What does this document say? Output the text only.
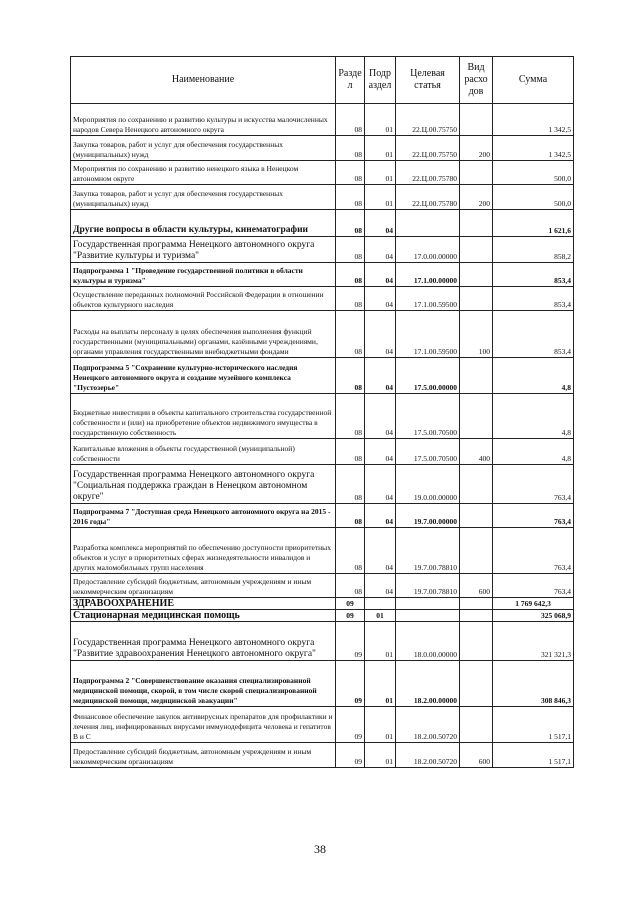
Наименование	Разде л	Подр аздел	Целевая статья	Вид расхо дов	Сумма
Мероприятия по сохранению и развитию культуры и искусства малочисленных народов Севера Ненецкого автономного округа	08	01	22.Ц.00.75750		1 342,5
Закупка товаров, работ и услуг для обеспечения государственных (муниципальных) нужд	08	01	22.Ц.00.75750	200	1 342,5
Мероприятия по сохранению и развитию ненецкого языка в Ненецком автономном округе	08	01	22.Ц.00.75780		500,0
Закупка товаров, работ и услуг для обеспечения государственных (муниципальных) нужд	08	01	22.Ц.00.75780	200	500,0
Другие вопросы в области культуры, кинематографии	08	04			1 621,6
Государственная программа Ненецкого автономного округа "Развитие культуры и туризма"	08	04	17.0.00.00000		858,2
Подпрограмма 1 "Проведение государственной политики в области культуры и туризма"	08	04	17.1.00.00000		853,4
Осуществление переданных полномочий Российской Федерации в отношении объектов культурного наследия	08	04	17.1.00.59500		853,4
Расходы на выплаты персоналу в целях обеспечения выполнения функций государственными (муниципальными) органами, казёнными учреждениями, органами управления государственными внебюджетными фондами	08	04	17.1.00.59500	100	853,4
Подпрограмма 5 "Сохранение культурно-исторического наследия Ненецкого автономного округа и создание музейного комплекса "Пустозерье"	08	04	17.5.00.00000		4,8
Бюджетные инвестиции в объекты капитального строительства государственной собственности и (или) на приобретение объектов недвижимого имущества в государственную собственность	08	04	17.5.00.70500		4,8
Капитальные вложения в объекты государственной (муниципальной) собственности	08	04	17.5.00.70500	400	4,8
Государственная программа Ненецкого автономного округа "Социальная поддержка граждан в Ненецком автономном округе"	08	04	19.0.00.00000		763,4
Подпрограмма 7 "Доступная среда Ненецкого автономного округа на 2015 - 2016 годы"	08	04	19.7.00.00000		763,4
Разработка комплекса мероприятий по обеспечению доступности приоритетных объектов и услуг в приоритетных сферах жизнедеятельности инвалидов и других маломобильных групп населения	08	04	19.7.00.78810		763,4
Предоставление субсидий бюджетным, автономным учреждениям и иным некоммерческим организациям	08	04	19.7.00.78810	600	763,4
ЗДРАВООХРАНЕНИЕ	09				1 769 642,3
Стационарная медицинская помощь	09	01			325 068,9
Государственная программа Ненецкого автономного округа "Развитие здравоохранения Ненецкого автономного округа"	09	01	18.0.00.00000		321 321,3
Подпрограмма 2 "Совершенствование оказания специализированной медицинской помощи, скорой, в том числе скорой специализированной медицинской помощи, медицинской эвакуации"	09	01	18.2.00.00000		308 846,3
Финансовое обеспечение закупок антивирусных препаратов для профилактики и лечения лиц, инфицированных вирусами иммунодефицита человека и гепатитов В и С	09	01	18.2.00.50720		1 517,1
Предоставление субсидий бюджетным, автономным учреждениям и иным некоммерческим организациям	09	01	18.2.00.50720	600	1 517,1
38
